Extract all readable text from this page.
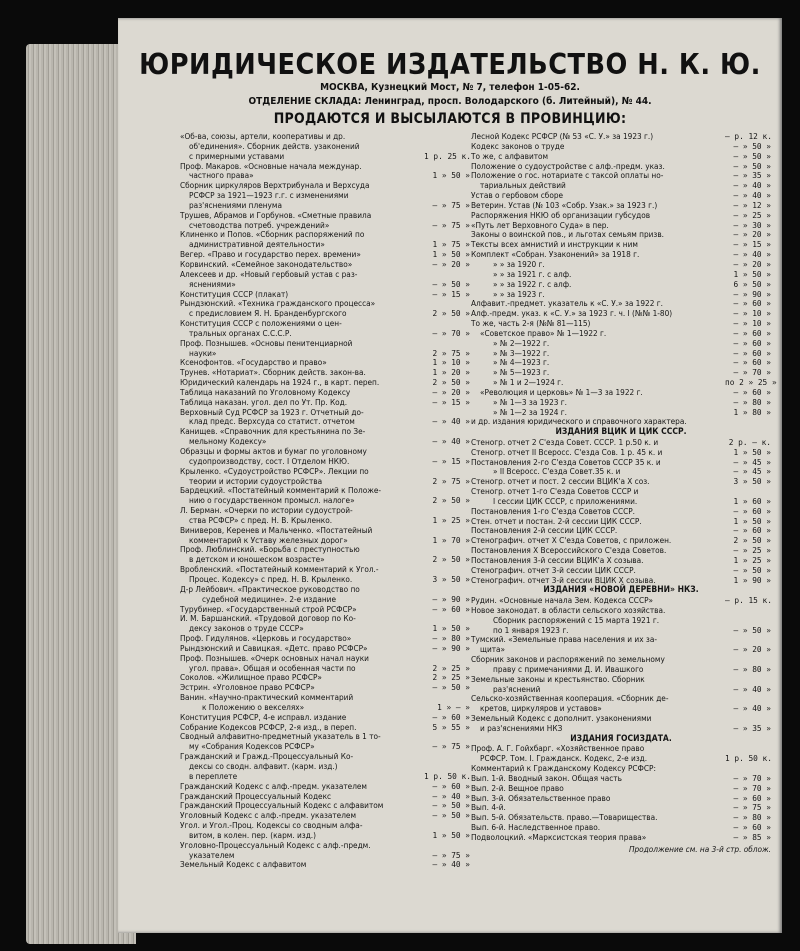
ЮРИДИЧЕСКОЕ ИЗДАТЕЛЬСТВО Н. К. Ю.
МОСКВА, Кузнецкий Мост, № 7, телефон 1-05-62.
ОТДЕЛЕНИЕ СКЛАДА: Ленинград, просп. Володарского (б. Литейный), № 44.
ПРОДАЮТСЯ И ВЫСЫЛАЮТСЯ В ПРОВИНЦИЮ:
«Об-ва, союзы, артели, кооперативы и др.
об'единения». Сборник действ. узаконений
с примерными уставами	1 р. 25 к.
Проф. Макаров. «Основные начала междунар.
частного права»	1 » 50 »
Сборник циркуляров Верхтрибунала и Верхсуда
РСФСР за 1921—1923 г.г. с изменениями
раз'яснениями пленума	— » 75 »
Трушев, Абрамов и Горбунов. «Сметные правила
счетоводства потреб. учреждений»	— » 75 »
Клиненко и Попов. «Сборник распоряжений по
административной деятельности»	1 » 75 »
Вегер. «Право и государство перех. времени»	1 » 50 »
Корвинский. «Семейное законодательство»	— » 20 »
Алексеев и др. «Новый гербовый устав с раз-
яснениями»	— » 50 »
Конституция СССР (плакат)	— » 15 »
Рындзюнский. «Техника гражданского процесса»
с предисловием Я. Н. Бранденбургского	2 » 50 »
Конституция СССР с положениями о цен-
тральных органах С.С.С.Р.	— » 70 »
Проф. Познышев. «Основы пенитенциарной
науки»	2 » 75 »
Ксенофонтов. «Государство и право»	1 » 10 »
Трунев. «Нотариат». Сборник действ. закон-ва.	1 » 20 »
Юридический календарь на 1924 г., в карт. переп.	2 » 50 »
Таблица наказаний по Уголовному Кодексу	— » 20 »
Таблица наказан. угол. дел по Ут. Пр. Код.	— » 15 »
Верховный Суд РСФСР за 1923 г. Отчетный до-
клад предс. Верхсуда со статист. отчетом	— » 40 »
Канищев. «Справочник для крестьянина по Зе-
мельному Кодексу»	— » 40 »
Образцы и формы актов и бумаг по уголовному
судопроизводству, сост. I Отделом НКЮ.	— » 15 »
Крыленко. «Судоустройство РСФСР». Лекции по
теории и истории судоустройства	2 » 75 »
Бардецкий. «Постатейный комментарий к Положе-
нию о государственном промысл. налоге»	2 » 50 »
Л. Берман. «Очерки по истории судоустрой-
ства РСФСР» с пред. Н. В. Крыленко.	1 » 25 »
Виниверов, Керенев и Мальченко. «Постатейный
комментарий к Уставу железных дорог»	1 » 70 »
Проф. Люблинский. «Борьба с преступностью
в детском и юношеском возрасте»	2 » 50 »
Вробленский. «Постатейный комментарий к Угол.-
Процес. Кодексу» с пред. Н. В. Крыленко.	3 » 50 »
Д-р Лейбович. «Практическое руководство по
судебной медицине». 2-е издание	— » 90 »
Турубинер. «Государственный строй РСФСР»	— » 60 »
И. М. Баршанский. «Трудовой договор по Ко-
дексу законов о труде СССР»	1 » 50 »
Проф. Гидулянов. «Церковь и государство»	— » 80 »
Рындзюнский и Савицкая. «Детс. право РСФСР»	— » 90 »
Проф. Познышев. «Очерк основных начал науки
угол. права». Общая и особенная части по	2 » 25 »
Соколов. «Жилищное право РСФСР»	2 » 25 »
Эстрин. «Уголовное право РСФСР»	— » 50 »
Ванин. «Научно-практический комментарий
к Положению о векселях»	1 » — »
Конституция РСФСР, 4-е исправл. издание	— » 60 »
Собрание Кодексов РСФСР, 2-я изд., в переп.	5 » 55 »
Сводный алфавитно-предметный указатель в 1 то-
му «Собрания Кодексов РСФСР»	— » 75 »
Гражданский и Гражд.-Процессуальный Ко-
дексы со сводн. алфавит. (карм. изд.)
в переплете	1 р. 50 к.
Гражданский Кодекс с алф.-предм. указателем	— » 60 »
Гражданский Процессуальный Кодекс	— » 40 »
Гражданский Процессуальный Кодекс с алфавитом	— » 50 »
Уголовный Кодекс с алф.-предм. указателем	— » 50 »
Угол. и Угол.-Проц. Кодексы со сводным алфа-
витом, в колен. пер. (карм. изд.)	1 » 50 »
Уголовно-Процессуальный Кодекс с алф.-предм.
указателем	— » 75 »
Земельный Кодекс с алфавитом	— » 40 »
Лесной Кодекс РСФСР (№ 53 «С. У.» за 1923 г.)	— р. 12 к.
Кодекс законов о труде	— » 50 »
То же, с алфавитом	— » 50 »
Положение о судоустройстве с алф.-предм. указ.	— » 50 »
Положение о гос. нотариате с таксой оплаты но-	— » 35 »
тариальных действий	— » 40 »
Устав о гербовом сборе	— » 40 »
Ветерин. Устав (№ 103 «Собр. Узак.» за 1923 г.)	— » 12 »
Распоряжения НКЮ об организации губсудов	— » 25 »
«Путь лет Верховного Суда» в пер.	— » 30 »
Законы о воинской пов., и льготах семьям призв.	— » 20 »
Тексты всех амнистий и инструкции к ним	— » 15 »
Комплект «Собран. Узаконений» за 1918 г.	— » 40 »
» » за 1920 г.	— » 20 »
» » за 1921 г. с алф.	1 » 50 »
» » за 1922 г. с алф.	6 » 50 »
» » за 1923 г.	— » 90 »
Алфавит.-предмет. указатель к «С. У.» за 1922 г.	— » 60 »
Алф.-предм. указ. к «С. У.» за 1923 г. ч. I (№№ 1-80)	— » 10 »
То же, часть 2-я (№№ 81—115)	— » 10 »
«Советское право» № 1—1922 г.	— » 60 »
» № 2—1922 г.	— » 60 »
» № 3—1922 г.	— » 60 »
» № 4—1923 г.	— » 60 »
» № 5—1923 г.	— » 70 »
» № 1 и 2—1924 г.	по 2 » 25 »
«Революция и церковь» № 1—3 за 1922 г.	— » 60 »
» № 1—3 за 1923 г.	— » 80 »
» № 1—2 за 1924 г.	1 » 80 »
и др. издания юридического и справочного характера.
ИЗДАНИЯ ВЦИК И ЦИК СССР.
Стеногр. отчет 2 С'езда Совет. СССР. 1 р.50 к. и	2 р. — к.
Стеногр. отчет II Всеросс. С'езда Сов. 1 р. 45 к. и	1 » 50 »
Постановления 2-го С'езда Советов СССР 35 к. и	— » 45 »
» II Всеросс. С'езда Совет.35 к. и	— » 45 »
Стеногр. отчет и пост. 2 сессии ВЦИК'а X соз.	3 » 50 »
Стеногр. отчет 1-го С'езда Советов СССР и
I сессии ЦИК СССР, с приложениями.	1 » 60 »
Постановления 1-го С'езда Советов СССР.	— » 60 »
Стен. отчет и постан. 2-й сессии ЦИК СССР.	1 » 50 »
Постановления 2-й сессии ЦИК СССР.	— » 60 »
Стенографич. отчет X С'езда Советов, с приложен.	2 » 50 »
Постановления X Всероссийского С'езда Советов.	— » 25 »
Постановления 3-й сессии ВЦИК'а X созыва.	1 » 25 »
Стенографич. отчет 3-й сессии ЦИК СССР.	— » 50 »
Стенографич. отчет 3-й сессии ВЦИК X созыва.	1 » 90 »
ИЗДАНИЯ «НОВОЙ ДЕРЕВНИ» НКЗ.
Рудин. «Основные начала Зем. Кодекса СССР»	— р. 15 к.
Новое законодат. в области сельского хозяйства.
Сборник распоряжений с 15 марта 1921 г.
по 1 января 1923 г.	— » 50 »
Тумский. «Земельные права населения и их за-
щита»	— » 20 »
Сборник законов и распоряжений по земельному
праву с примечаниями Д. И. Ивашкого	— » 80 »
Земельные законы и крестьянство. Сборник
раз'яснений	— » 40 »
Сельско-хозяйственная кооперация. «Сборник де-
кретов, циркуляров и уставов»	— » 40 »
Земельный Кодекс с дополнит. узаконениями
и раз'яснениями НКЗ	— » 35 »
ИЗДАНИЯ ГОСИЗДАТА.
Проф. А. Г. Гойхбарг. «Хозяйственное право
РСФСР. Том. I. Гражданск. Кодекс, 2-е изд.	1 р. 50 к.
Комментарий к Гражданскому Кодексу РСФСР:
Вып. 1-й. Вводный закон. Общая часть	— » 70 »
Вып. 2-й. Вещное право	— » 70 »
Вып. 3-й. Обязательственное право	— » 60 »
Вып. 4-й.	— » 75 »
Вып. 5-й. Обязательств. право.—Товарищества.	— » 80 »
Вып. 6-й. Наследственное право.	— » 60 »
Подволоцкий. «Марксистская теория права»	— » 85 »
Продолжение см. на 3-й стр. облож.
